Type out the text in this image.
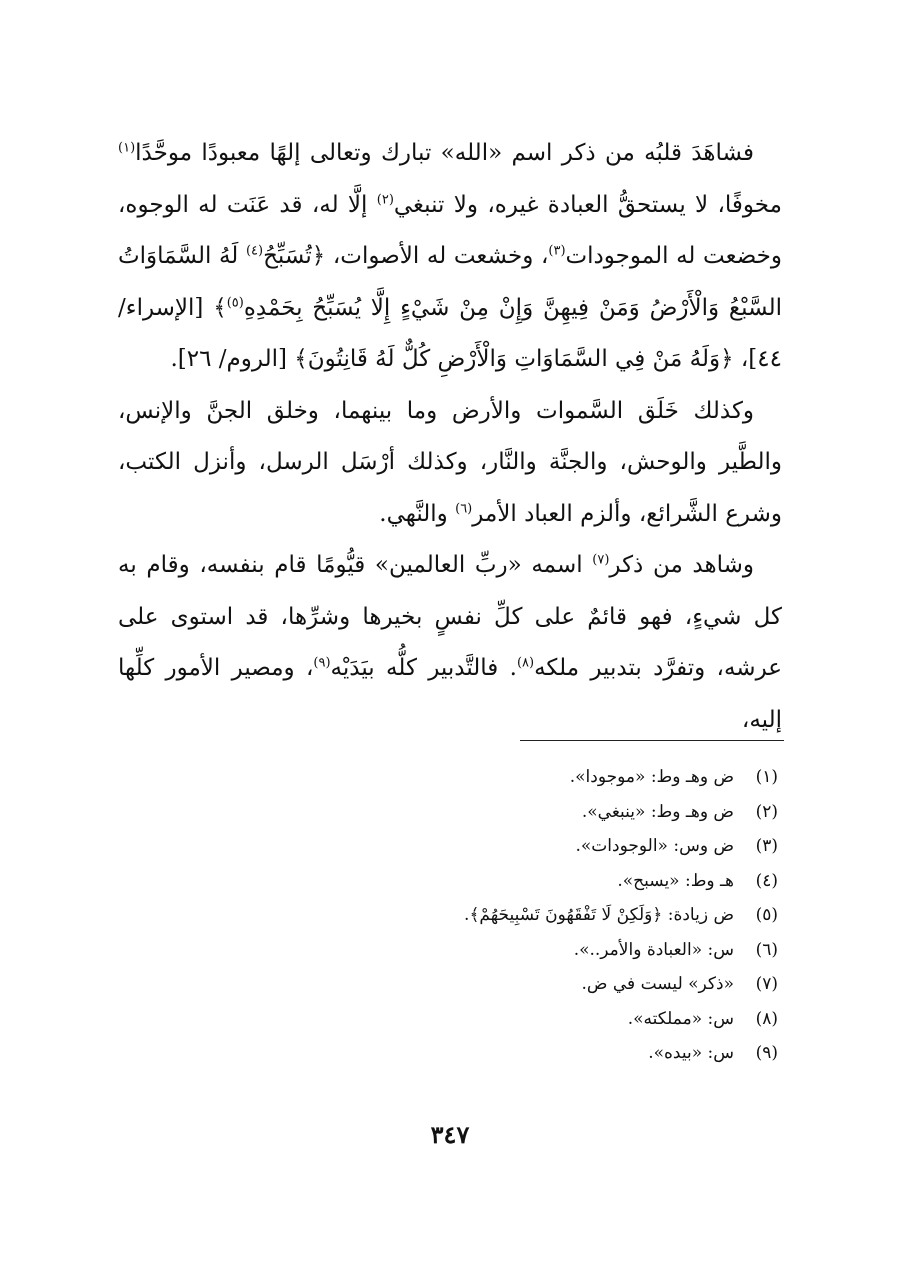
فشاهَدَ قلبُه من ذكر اسم «الله» تبارك وتعالى إلهًا معبودًا موحَّدًا$^{(١)}$ مخوفًا، لا يستحقُّ العبادة غيره، ولا تنبغي$^{(٢)}$ إلَّا له، قد عَنَت له الوجوه، وخضعت له الموجودات$^{(٣)}$، وخشعت له الأصوات، ﴿تُسَبِّحُ$^{(٤)}$ لَهُ السَّمَاوَاتُ السَّبْعُ وَالْأَرْضُ وَمَنْ فِيهِنَّ وَإِنْ مِنْ شَيْءٍ إِلَّا يُسَبِّحُ بِحَمْدِهِ$^{(٥)}$﴾ [الإسراء/ ٤٤]، ﴿وَلَهُ مَنْ فِي السَّمَاوَاتِ وَالْأَرْضِ كُلٌّ لَهُ قَانِتُونَ﴾ [الروم/ ٢٦].

وكذلك خَلَق السَّموات والأرض وما بينهما، وخلق الجنَّ والإنس، والطَّير والوحش، والجنَّة والنَّار، وكذلك أرْسَل الرسل، وأنزل الكتب، وشرع الشَّرائع، وألزم العباد الأمر$^{(٦)}$ والنَّهي.

وشاهد من ذكر$^{(٧)}$ اسمه «ربِّ العالمين» قيُّومًا قام بنفسه، وقام به كل شيءٍ، فهو قائمٌ على كلِّ نفسٍ بخيرها وشرِّها، قد استوى على عرشه، وتفرَّد بتدبير ملكه$^{(٨)}$. فالتَّدبير كلُّه بيَدَيْه$^{(٩)}$، ومصير الأمور كلِّها إليه،

(١)
ض وهـ وط: «موجودا».
(٢)
ض وهـ وط: «ينبغي».
(٣)
ض وس: «الوجودات».
(٤)
هـ وط: «يسبح».
(٥)
ض زيادة: ﴿وَلَكِنْ لَا تَفْقَهُونَ تَسْبِيحَهُمْ﴾.
(٦)
س: «العبادة والأمر..».
(٧)
«ذكر» ليست في ض.
(٨)
س: «مملكته».
(٩)
س: «بيده».
٣٤٧
